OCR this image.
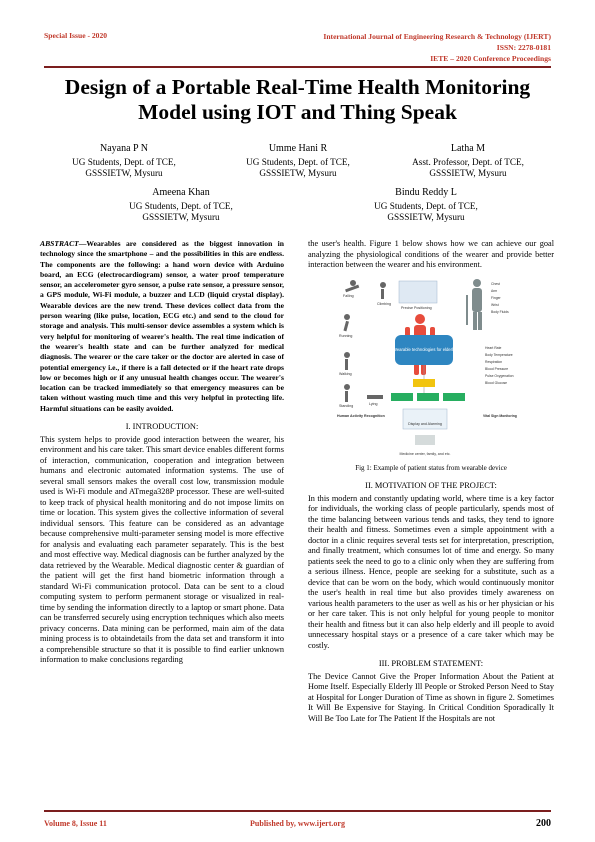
Special Issue - 2020	International Journal of Engineering Research & Technology (IJERT)
ISSN: 2278-0181
IETE – 2020 Conference Proceedings
Design of a Portable Real-Time Health Monitoring Model using IOT and Thing Speak
Nayana P N
UG Students, Dept. of TCE,
GSSSIETW, Mysuru
Umme Hani R
UG Students, Dept. of TCE,
GSSSIETW, Mysuru
Latha M
Asst. Professor, Dept. of TCE,
GSSSIETW, Mysuru
Ameena Khan
UG Students, Dept. of TCE,
GSSSIETW, Mysuru
Bindu Reddy L
UG Students, Dept. of TCE,
GSSSIETW, Mysuru

ABSTRACT—Wearables are considered as the biggest innovation in technology since the smartphone – and the possibilities in this are endless. The components are the following: a hand worn device with Arduino board, an ECG (electrocardiogram) sensor, a water proof temperature sensor, an accelerometer gyro sensor, a pulse rate sensor, a pressure sensor, a GPS module, Wi-Fi module, a buzzer and LCD (liquid crystal display). Wearable devices are the new trend. These devices collect data from the person wearing (like pulse, location, ECG etc.) and send to the cloud for storage and analysis. This multi-sensor device assembles a system which is very helpful for monitoring of wearer's health. The real time indication of the wearer's health state and can be further analyzed for medical diagnosis. The wearer or the care taker or the doctor are alerted in case of potential emergency i.e., if there is a fall detected or if the heart rate drops low or becomes high or if any unusual health changes occur. The wearer's location can be tracked immediately so that emergency measures can be taken without wasting much time and this very helpful in protecting life. Harmful situations can be easily avoided.

I. INTRODUCTION:

This system helps to provide good interaction between the wearer, his environment and his care taker. This smart device enables different forms of interaction, communication, cooperation and integration between humans and electronic automated information systems. The use of several small sensors makes the overall cost low, transmission module used is Wi-Fi module and ATmega328P processor. These are well-suited to keep track of physical health monitoring and do not impose limits on time or location. This system gives the collective information of several individual sensors. This feature can be considered as an advantage because comprehensive multi-parameter sensing model is more effective for analysis and evaluating each parameter separately. This is the best and most effective way. Medical diagnosis can be further analyzed by the data retrieved by the Wearable. Medical diagnostic center & guardian of the patient will get the first hand biometric information through a standard Wi-Fi communication protocol. Data can be sent to a cloud computing system to perform permanent storage or visualized in real-time by sending the information directly to a laptop or smart phone. Data can be transferred securely using encryption techniques which also meets privacy concerns. Data mining can be performed, main aim of the data mining process is to obtaindetails from the data set and transform it into a comprehensible structure so that it is possible to find earlier unknown information to make conclusions regarding

the user's health. Figure 1 below shows how we can achieve our goal analyzing the physiological conditions of the wearer and provide better interaction between the wearer and his environment.

Falling
Climbing
Running
Walking
Standing	Lying
Human Activity Recognition
Precise Positioning
Wearable technologies for elderly
Chest
Arm
Finger
Wrist
Body Fluids
Heart Rate
Body Temperature
Respiration
Blood Pressure
Pulse Oxygenation
Blood Glucose
Vital Sign Monitoring
Display and Alarming
Medicine center, family, and etc.
Fig 1: Example of patient status from wearable device
II. MOTIVATION OF THE PROJECT:

In this modern and constantly updating world, where time is a key factor for individuals, the working class of people particularly, spends most of the time balancing between various tends and tasks, they tend to ignore their health and fitness. Sometimes even a simple appointment with a doctor in a clinic requires several tests set for interpretation, prescription, and finally treatment, which consumes lot of time and energy. So many patients seek the need to go to a clinic only when they are suffering from a serious illness. Hence, people are seeking for a substitute, such as a device that can be worn on the body, which would continuously monitor the user's health in real time but also provides timely awareness on various health parameters to the user as well as his or her physician or his or her care taker. This is not only helpful for young people to monitor their health and fitness but it can also help elderly and ill people to avoid unnecessary hospital stays or a presence of a care taker which may be costly.

III. PROBLEM STATEMENT:

The Device Cannot Give the Proper Information About the Patient at Home Itself. Especially Elderly Ill People or Stroked Person Need to Stay at Hospital for Longer Duration of Time as shown in figure 2. Sometimes It Will Be Expensive for Staying. In Critical Condition Sporadically It Will Be Too Late for The Patient If the Hospitals are not

Volume 8, Issue 11	Published by, www.ijert.org	200
